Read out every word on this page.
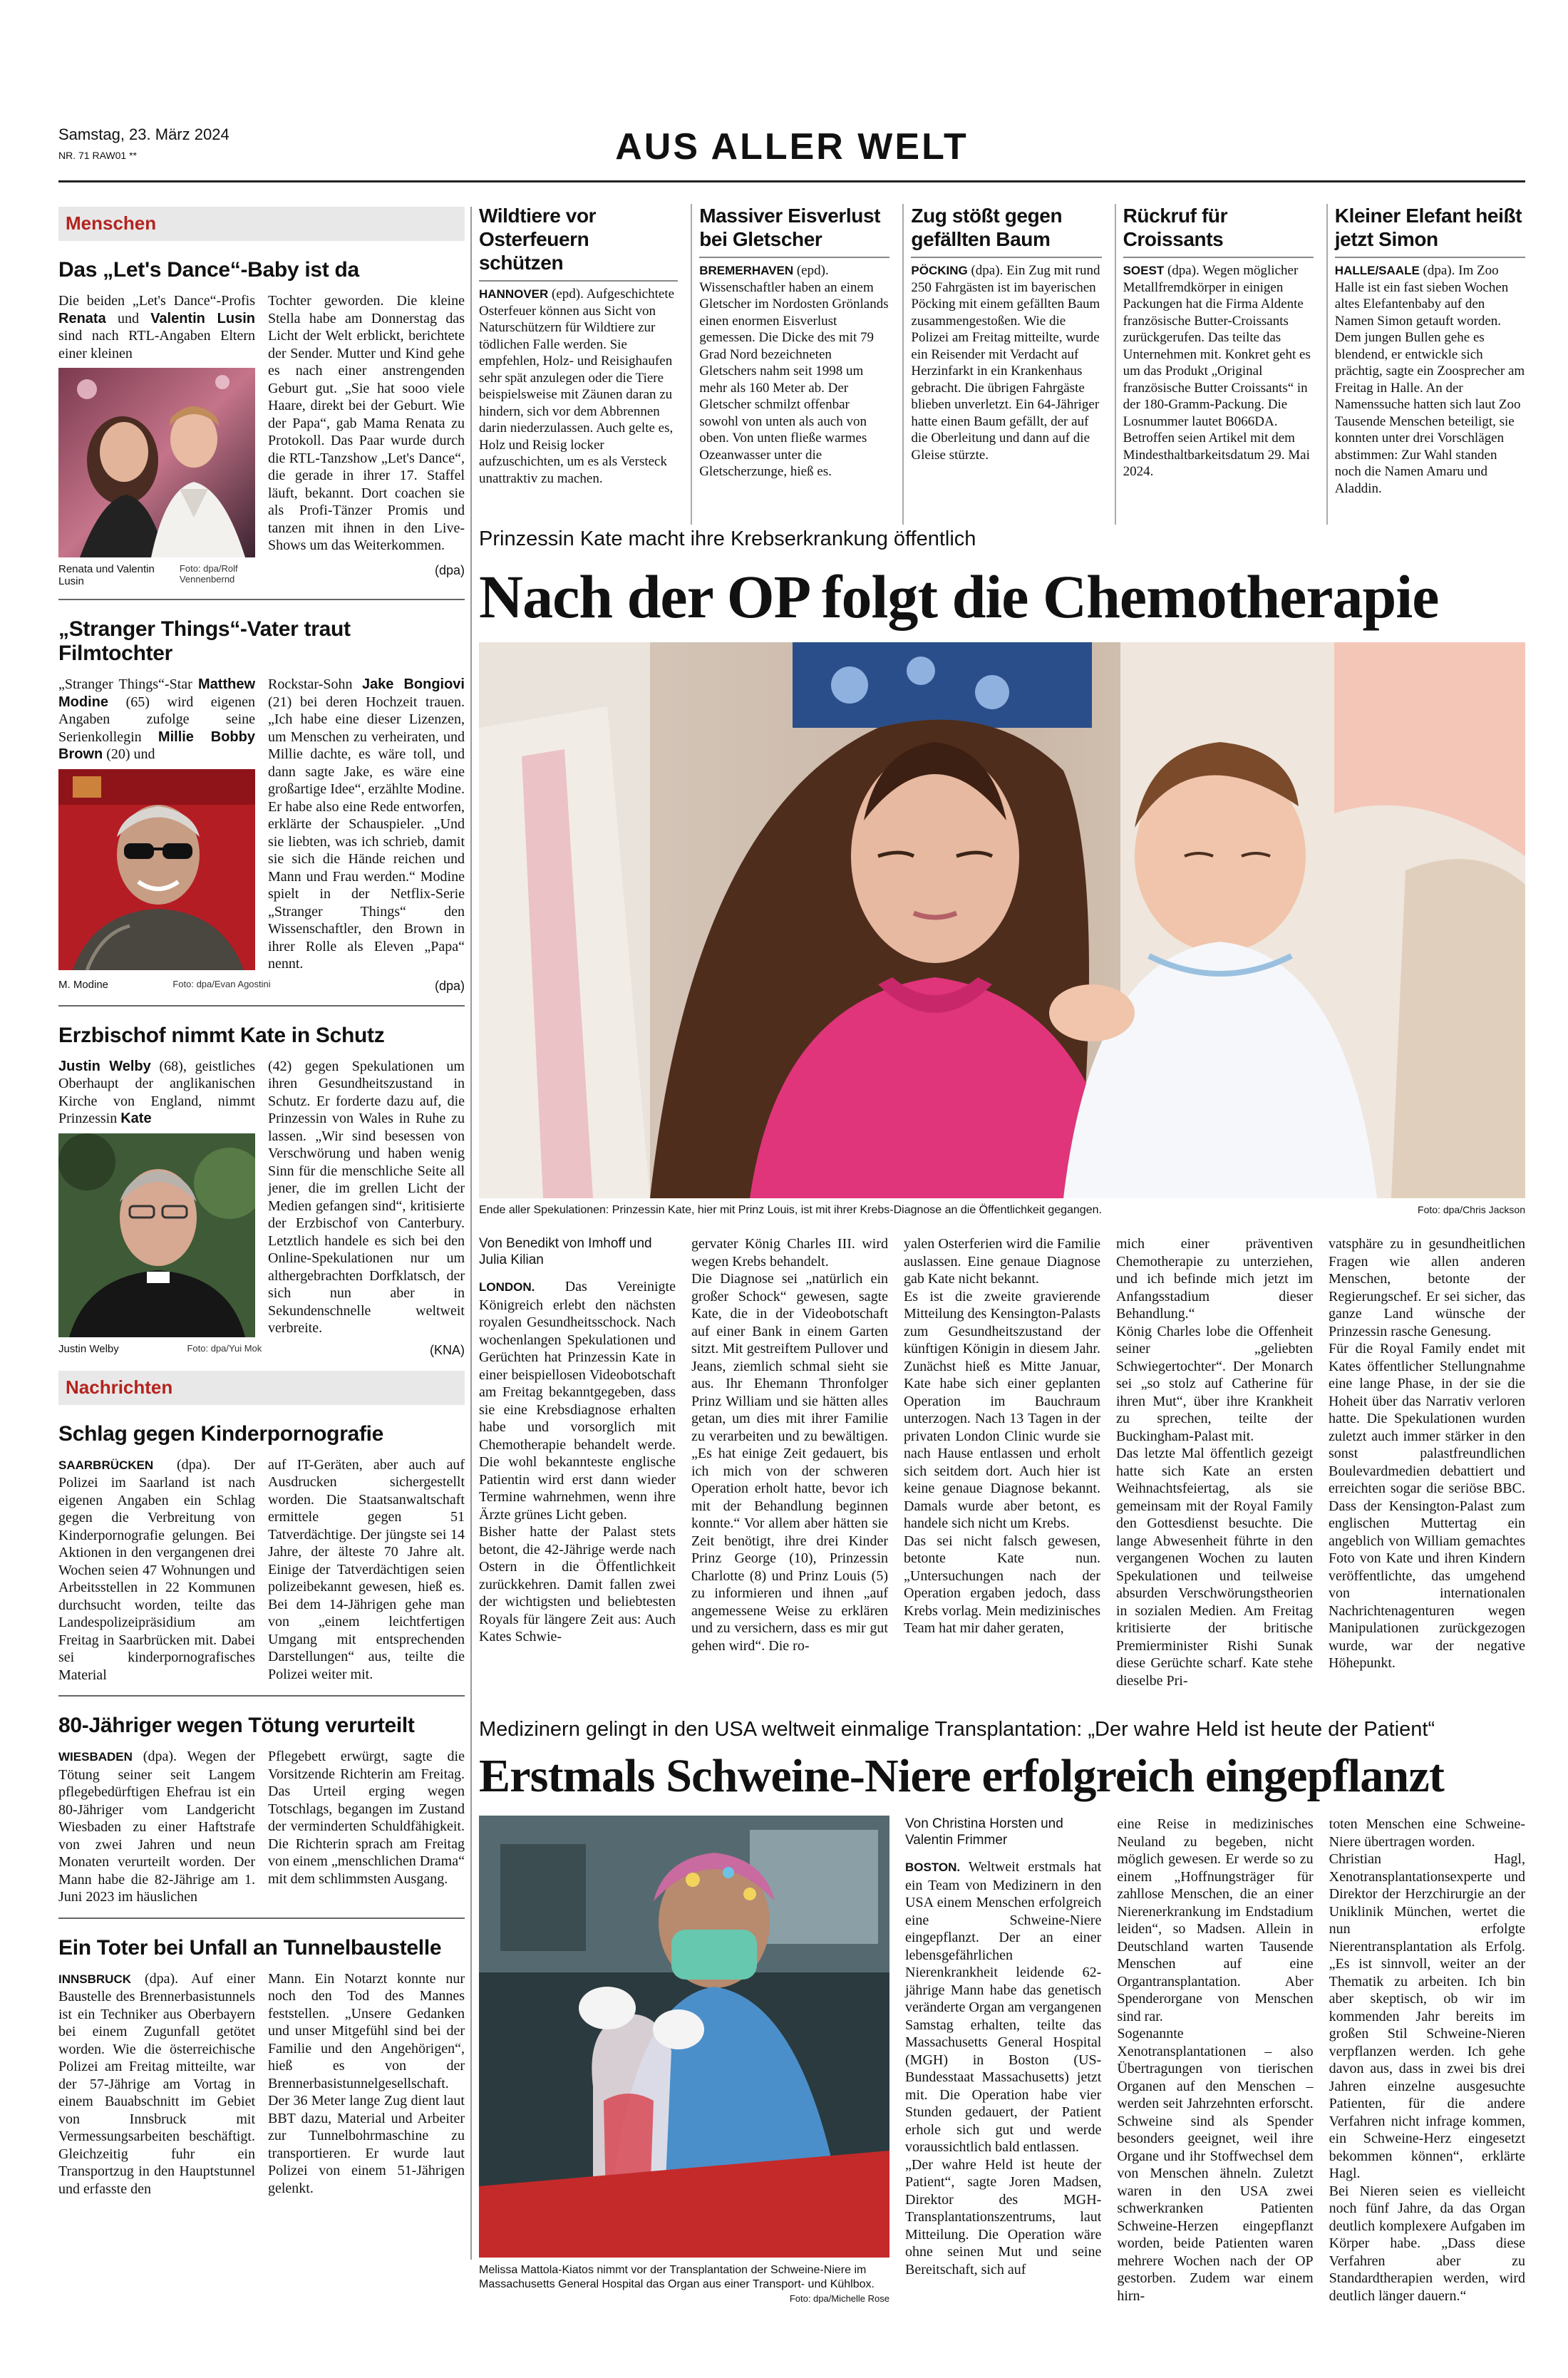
Samstag, 23. März 2024
NR. 71 RAW01 **	AUS ALLER WELT
Menschen
Das „Let's Dance“-Baby ist da

Die beiden „Let's Dance“-Profis Renata und Valentin Lusin sind nach RTL-Angaben Eltern einer kleinen

Tochter geworden. Die kleine Stella habe am Donnerstag das Licht der Welt erblickt, berichtete der Sender. Mutter und Kind gehe es nach einer anstrengenden Geburt gut. „Sie hat sooo viele Haare, direkt bei der Geburt. Wie der Papa“, gab Mama Renata zu Protokoll. Das Paar wurde durch die RTL-Tanzshow „Let's Dance“, die gerade in ihrer 17. Staffel läuft, bekannt. Dort coachen sie als Profi-Tänzer Promis und tanzen mit ihnen in den Live-Shows um das Weiterkommen.

Renata und Valentin Lusin
Foto: dpa/Rolf Vennenbernd
(dpa)
„Stranger Things“-Vater traut Filmtochter

„Stranger Things“-Star Matthew Modine (65) wird eigenen Angaben zufolge seine Serienkollegin Millie Bobby Brown (20) und

Rockstar-Sohn Jake Bongiovi (21) bei deren Hochzeit trauen. „Ich habe eine dieser Lizenzen, um Menschen zu verheiraten, und Millie dachte, es wäre toll, und dann sagte Jake, es wäre eine großartige Idee“, erzählte Modine. Er habe also eine Rede entworfen, erklärte der Schauspieler. „Und sie liebten, was ich schrieb, damit sie sich die Hände reichen und Mann und Frau werden.“ Modine spielt in der Netflix-Serie „Stranger Things“ den Wissenschaftler, den Brown in ihrer Rolle als Eleven „Papa“ nennt.

M. Modine	Foto: dpa/Evan Agostini	(dpa)
Erzbischof nimmt Kate in Schutz

Justin Welby (68), geistliches Oberhaupt der anglikanischen Kirche von England, nimmt Prinzessin Kate

(42) gegen Spekulationen um ihren Gesundheitszustand in Schutz. Er forderte dazu auf, die Prinzessin von Wales in Ruhe zu lassen. „Wir sind besessen von Verschwörung und haben wenig Sinn für die menschliche Seite all jener, die im grellen Licht der Medien gefangen sind“, kritisierte der Erzbischof von Canterbury. Letztlich handele es sich bei den Online-Spekulationen nur um althergebrachten Dorfklatsch, der sich nun aber in Sekundenschnelle weltweit verbreite.

Justin Welby	Foto: dpa/Yui Mok	(KNA)
Nachrichten
Schlag gegen Kinderpornografie

SAARBRÜCKEN (dpa). Der Polizei im Saarland ist nach eigenen Angaben ein Schlag gegen die Verbreitung von Kinderpornografie gelungen. Bei Aktionen in den vergangenen drei Wochen seien 47 Wohnungen und Arbeitsstellen in 22 Kommunen durchsucht worden, teilte das Landespolizeipräsidium am Freitag in Saarbrücken mit. Dabei sei kinderpornografisches Material

auf IT-Geräten, aber auch auf Ausdrucken sichergestellt worden. Die Staatsanwaltschaft ermittele gegen 51 Tatverdächtige. Der jüngste sei 14 Jahre, der älteste 70 Jahre alt. Einige der Tatverdächtigen seien polizeibekannt gewesen, hieß es. Bei dem 14-Jährigen gehe man von „einem leichtfertigen Umgang mit entsprechenden Darstellungen“ aus, teilte die Polizei weiter mit.

80-Jähriger wegen Tötung verurteilt

WIESBADEN (dpa). Wegen der Tötung seiner seit Langem pflegebedürftigen Ehefrau ist ein 80-Jähriger vom Landgericht Wiesbaden zu einer Haftstrafe von zwei Jahren und neun Monaten verurteilt worden. Der Mann habe die 82-Jährige am 1. Juni 2023 im häuslichen

Pflegebett erwürgt, sagte die Vorsitzende Richterin am Freitag. Das Urteil erging wegen Totschlags, begangen im Zustand der verminderten Schuldfähigkeit. Die Richterin sprach am Freitag von einem „menschlichen Drama“ mit dem schlimmsten Ausgang.

Ein Toter bei Unfall an Tunnelbaustelle

INNSBRUCK (dpa). Auf einer Baustelle des Brennerbasistunnels ist ein Techniker aus Oberbayern bei einem Zugunfall getötet worden. Wie die österreichische Polizei am Freitag mitteilte, war der 57-Jährige am Vortag in einem Bauabschnitt im Gebiet von Innsbruck mit Vermessungsarbeiten beschäftigt. Gleichzeitig fuhr ein Transportzug in den Hauptstunnel und erfasste den

Mann. Ein Notarzt konnte nur noch den Tod des Mannes feststellen. „Unsere Gedanken und unser Mitgefühl sind bei der Familie und den Angehörigen“, hieß es von der Brennerbasistunnelgesellschaft. Der 36 Meter lange Zug dient laut BBT dazu, Material und Arbeiter zur Tunnelbohrmaschine zu transportieren. Er wurde laut Polizei von einem 51-Jährigen gelenkt.

Wildtiere vor Osterfeuern schützen

HANNOVER (epd). Aufgeschichtete Osterfeuer können aus Sicht von Naturschützern für Wildtiere zur tödlichen Falle werden. Sie empfehlen, Holz- und Reisighaufen sehr spät anzulegen oder die Tiere beispielsweise mit Zäunen daran zu hindern, sich vor dem Abbrennen darin niederzulassen. Auch gelte es, Holz und Reisig locker aufzuschichten, um es als Versteck unattraktiv zu machen.

Massiver Eisverlust bei Gletscher

BREMERHAVEN (epd). Wissenschaftler haben an einem Gletscher im Nordosten Grönlands einen enormen Eisverlust gemessen. Die Dicke des mit 79 Grad Nord bezeichneten Gletschers nahm seit 1998 um mehr als 160 Meter ab. Der Gletscher schmilzt offenbar sowohl von unten als auch von oben. Von unten fließe warmes Ozeanwasser unter die Gletscherzunge, hieß es.

Zug stößt gegen gefällten Baum

PÖCKING (dpa). Ein Zug mit rund 250 Fahrgästen ist im bayerischen Pöcking mit einem gefällten Baum zusammengestoßen. Wie die Polizei am Freitag mitteilte, wurde ein Reisender mit Verdacht auf Herzinfarkt in ein Krankenhaus gebracht. Die übrigen Fahrgäste blieben unverletzt. Ein 64-Jähriger hatte einen Baum gefällt, der auf die Oberleitung und dann auf die Gleise stürzte.

Rückruf für Croissants

SOEST (dpa). Wegen möglicher Metallfremdkörper in einigen Packungen hat die Firma Aldente französische Butter-Croissants zurückgerufen. Das teilte das Unternehmen mit. Konkret geht es um das Produkt „Original französische Butter Croissants“ in der 180-Gramm-Packung. Die Losnummer lautet B066DA. Betroffen seien Artikel mit dem Mindesthaltbarkeitsdatum 29. Mai 2024.

Kleiner Elefant heißt jetzt Simon

HALLE/SAALE (dpa). Im Zoo Halle ist ein fast sieben Wochen altes Elefantenbaby auf den Namen Simon getauft worden. Dem jungen Bullen gehe es blendend, er entwickle sich prächtig, sagte ein Zoosprecher am Freitag in Halle. An der Namenssuche hatten sich laut Zoo Tausende Menschen beteiligt, sie konnten unter drei Vorschlägen abstimmen: Zur Wahl standen noch die Namen Amaru und Aladdin.

Prinzessin Kate macht ihre Krebserkrankung öffentlich
Nach der OP folgt die Chemotherapie
Ende aller Spekulationen: Prinzessin Kate, hier mit Prinz Louis, ist mit ihrer Krebs-Diagnose an die Öffentlichkeit gegangen.	Foto: dpa/Chris Jackson
Von Benedikt von Imhoff und Julia Kilian

LONDON. Das Vereinigte Königreich erlebt den nächsten royalen Gesundheitsschock. Nach wochenlangen Spekulationen und Gerüchten hat Prinzessin Kate in einer beispiellosen Videobotschaft am Freitag bekanntgegeben, dass sie eine Krebsdiagnose erhalten habe und vorsorglich mit Chemotherapie behandelt werde. Die wohl bekannteste englische Patientin wird erst dann wieder Termine wahrnehmen, wenn ihre Ärzte grünes Licht geben.
Bisher hatte der Palast stets betont, die 42-Jährige werde nach Ostern in die Öffentlichkeit zurückkehren. Damit fallen zwei der wichtigsten und beliebtesten Royals für längere Zeit aus: Auch Kates Schwie-

gervater König Charles III. wird wegen Krebs behandelt.
Die Diagnose sei „natürlich ein großer Schock“ gewesen, sagte Kate, die in der Videobotschaft auf einer Bank in einem Garten sitzt. Mit gestreiftem Pullover und Jeans, ziemlich schmal sieht sie aus. Ihr Ehemann Thronfolger Prinz William und sie hätten alles getan, um dies mit ihrer Familie zu verarbeiten und zu bewältigen. „Es hat einige Zeit gedauert, bis ich mich von der schweren Operation erholt hatte, bevor ich mit der Behandlung beginnen konnte.“ Vor allem aber hätten sie Zeit benötigt, ihre drei Kinder Prinz George (10), Prinzessin Charlotte (8) und Prinz Louis (5) zu informieren und ihnen „auf angemessene Weise zu erklären und zu versichern, dass es mir gut gehen wird“. Die ro-

yalen Osterferien wird die Familie auslassen. Eine genaue Diagnose gab Kate nicht bekannt.
Es ist die zweite gravierende Mitteilung des Kensington-Palasts zum Gesundheitszustand der künftigen Königin in diesem Jahr. Zunächst hieß es Mitte Januar, Kate habe sich einer geplanten Operation im Bauchraum unterzogen. Nach 13 Tagen in der privaten London Clinic wurde sie nach Hause entlassen und erholt sich seitdem dort. Auch hier ist keine genaue Diagnose bekannt. Damals wurde aber betont, es handele sich nicht um Krebs.
Das sei nicht falsch gewesen, betonte Kate nun. „Untersuchungen nach der Operation ergaben jedoch, dass Krebs vorlag. Mein medizinisches Team hat mir daher geraten,

mich einer präventiven Chemotherapie zu unterziehen, und ich befinde mich jetzt im Anfangsstadium dieser Behandlung.“
König Charles lobe die Offenheit seiner „geliebten Schwiegertochter“. Der Monarch sei „so stolz auf Catherine für ihren Mut“, über ihre Krankheit zu sprechen, teilte der Buckingham-Palast mit.
Das letzte Mal öffentlich gezeigt hatte sich Kate an ersten Weihnachtsfeiertag, als sie gemeinsam mit der Royal Family den Gottesdienst besuchte. Die lange Abwesenheit führte in den vergangenen Wochen zu lauten Spekulationen und teilweise absurden Verschwörungstheorien in sozialen Medien. Am Freitag kritisierte der britische Premierminister Rishi Sunak diese Gerüchte scharf. Kate stehe dieselbe Pri-

vatsphäre zu in gesundheitlichen Fragen wie allen anderen Menschen, betonte der Regierungschef. Er sei sicher, das ganze Land wünsche der Prinzessin rasche Genesung.
Für die Royal Family endet mit Kates öffentlicher Stellungnahme eine lange Phase, in der sie die Hoheit über das Narrativ verloren hatte. Die Spekulationen wurden zuletzt auch immer stärker in den sonst palastfreundlichen Boulevardmedien debattiert und erreichten sogar die seriöse BBC. Dass der Kensington-Palast zum englischen Muttertag ein angeblich von William gemachtes Foto von Kate und ihren Kindern veröffentlichte, das umgehend von internationalen Nachrichtenagenturen wegen Manipulationen zurückgezogen wurde, war der negative Höhepunkt.

Medizinern gelingt in den USA weltweit einmalige Transplantation: „Der wahre Held ist heute der Patient“
Erstmals Schweine-Niere erfolgreich eingepflanzt

Melissa Mattola-Kiatos nimmt vor der Transplantation der Schweine-Niere im Massachusetts General Hospital das Organ aus einer Transport- und Kühlbox.

Foto: dpa/Michelle Rose

Von Christina Horsten und Valentin Frimmer

BOSTON. Weltweit erstmals hat ein Team von Medizinern in den USA einem Menschen erfolgreich eine Schweine-Niere eingepflanzt. Der an einer lebensgefährlichen Nierenkrankheit leidende 62-jährige Mann habe das genetisch veränderte Organ am vergangenen Samstag erhalten, teilte das Massachusetts General Hospital (MGH) in Boston (US-Bundesstaat Massachusetts) jetzt mit. Die Operation habe vier Stunden gedauert, der Patient erhole sich gut und werde voraussichtlich bald entlassen.
„Der wahre Held ist heute der Patient“, sagte Joren Madsen, Direktor des MGH-Transplantationszentrums, laut Mitteilung. Die Operation wäre ohne seinen Mut und seine Bereitschaft, sich auf

eine Reise in medizinisches Neuland zu begeben, nicht möglich gewesen. Er werde so zu einem „Hoffnungsträger für zahllose Menschen, die an einer Nierenerkrankung im Endstadium leiden“, so Madsen. Allein in Deutschland warten Tausende Menschen auf eine Organtransplantation. Aber Spenderorgane von Menschen sind rar.
Sogenannte Xenotransplantationen – also Übertragungen von tierischen Organen auf den Menschen – werden seit Jahrzehnten erforscht. Schweine sind als Spender besonders geeignet, weil ihre Organe und ihr Stoffwechsel dem von Menschen ähneln. Zuletzt waren in den USA zwei schwerkranken Patienten Schweine-Herzen eingepflanzt worden, beide Patienten waren mehrere Wochen nach der OP gestorben. Zudem war einem hirn-

toten Menschen eine Schweine-Niere übertragen worden.
Christian Hagl, Xenotransplantationsexperte und Direktor der Herzchirurgie an der Uniklinik München, wertet die nun erfolgte Nierentransplantation als Erfolg. „Es ist sinnvoll, weiter an der Thematik zu arbeiten. Ich bin aber skeptisch, ob wir im kommenden Jahr bereits im großen Stil Schweine-Nieren verpflanzen werden. Ich gehe davon aus, dass in zwei bis drei Jahren einzelne ausgesuchte Patienten, für die andere Verfahren nicht infrage kommen, ein Schweine-Herz eingesetzt bekommen können“, erklärte Hagl.
Bei Nieren seien es vielleicht noch fünf Jahre, da das Organ deutlich komplexere Aufgaben im Körper habe. „Dass diese Verfahren aber zu Standardtherapien werden, wird deutlich länger dauern.“
